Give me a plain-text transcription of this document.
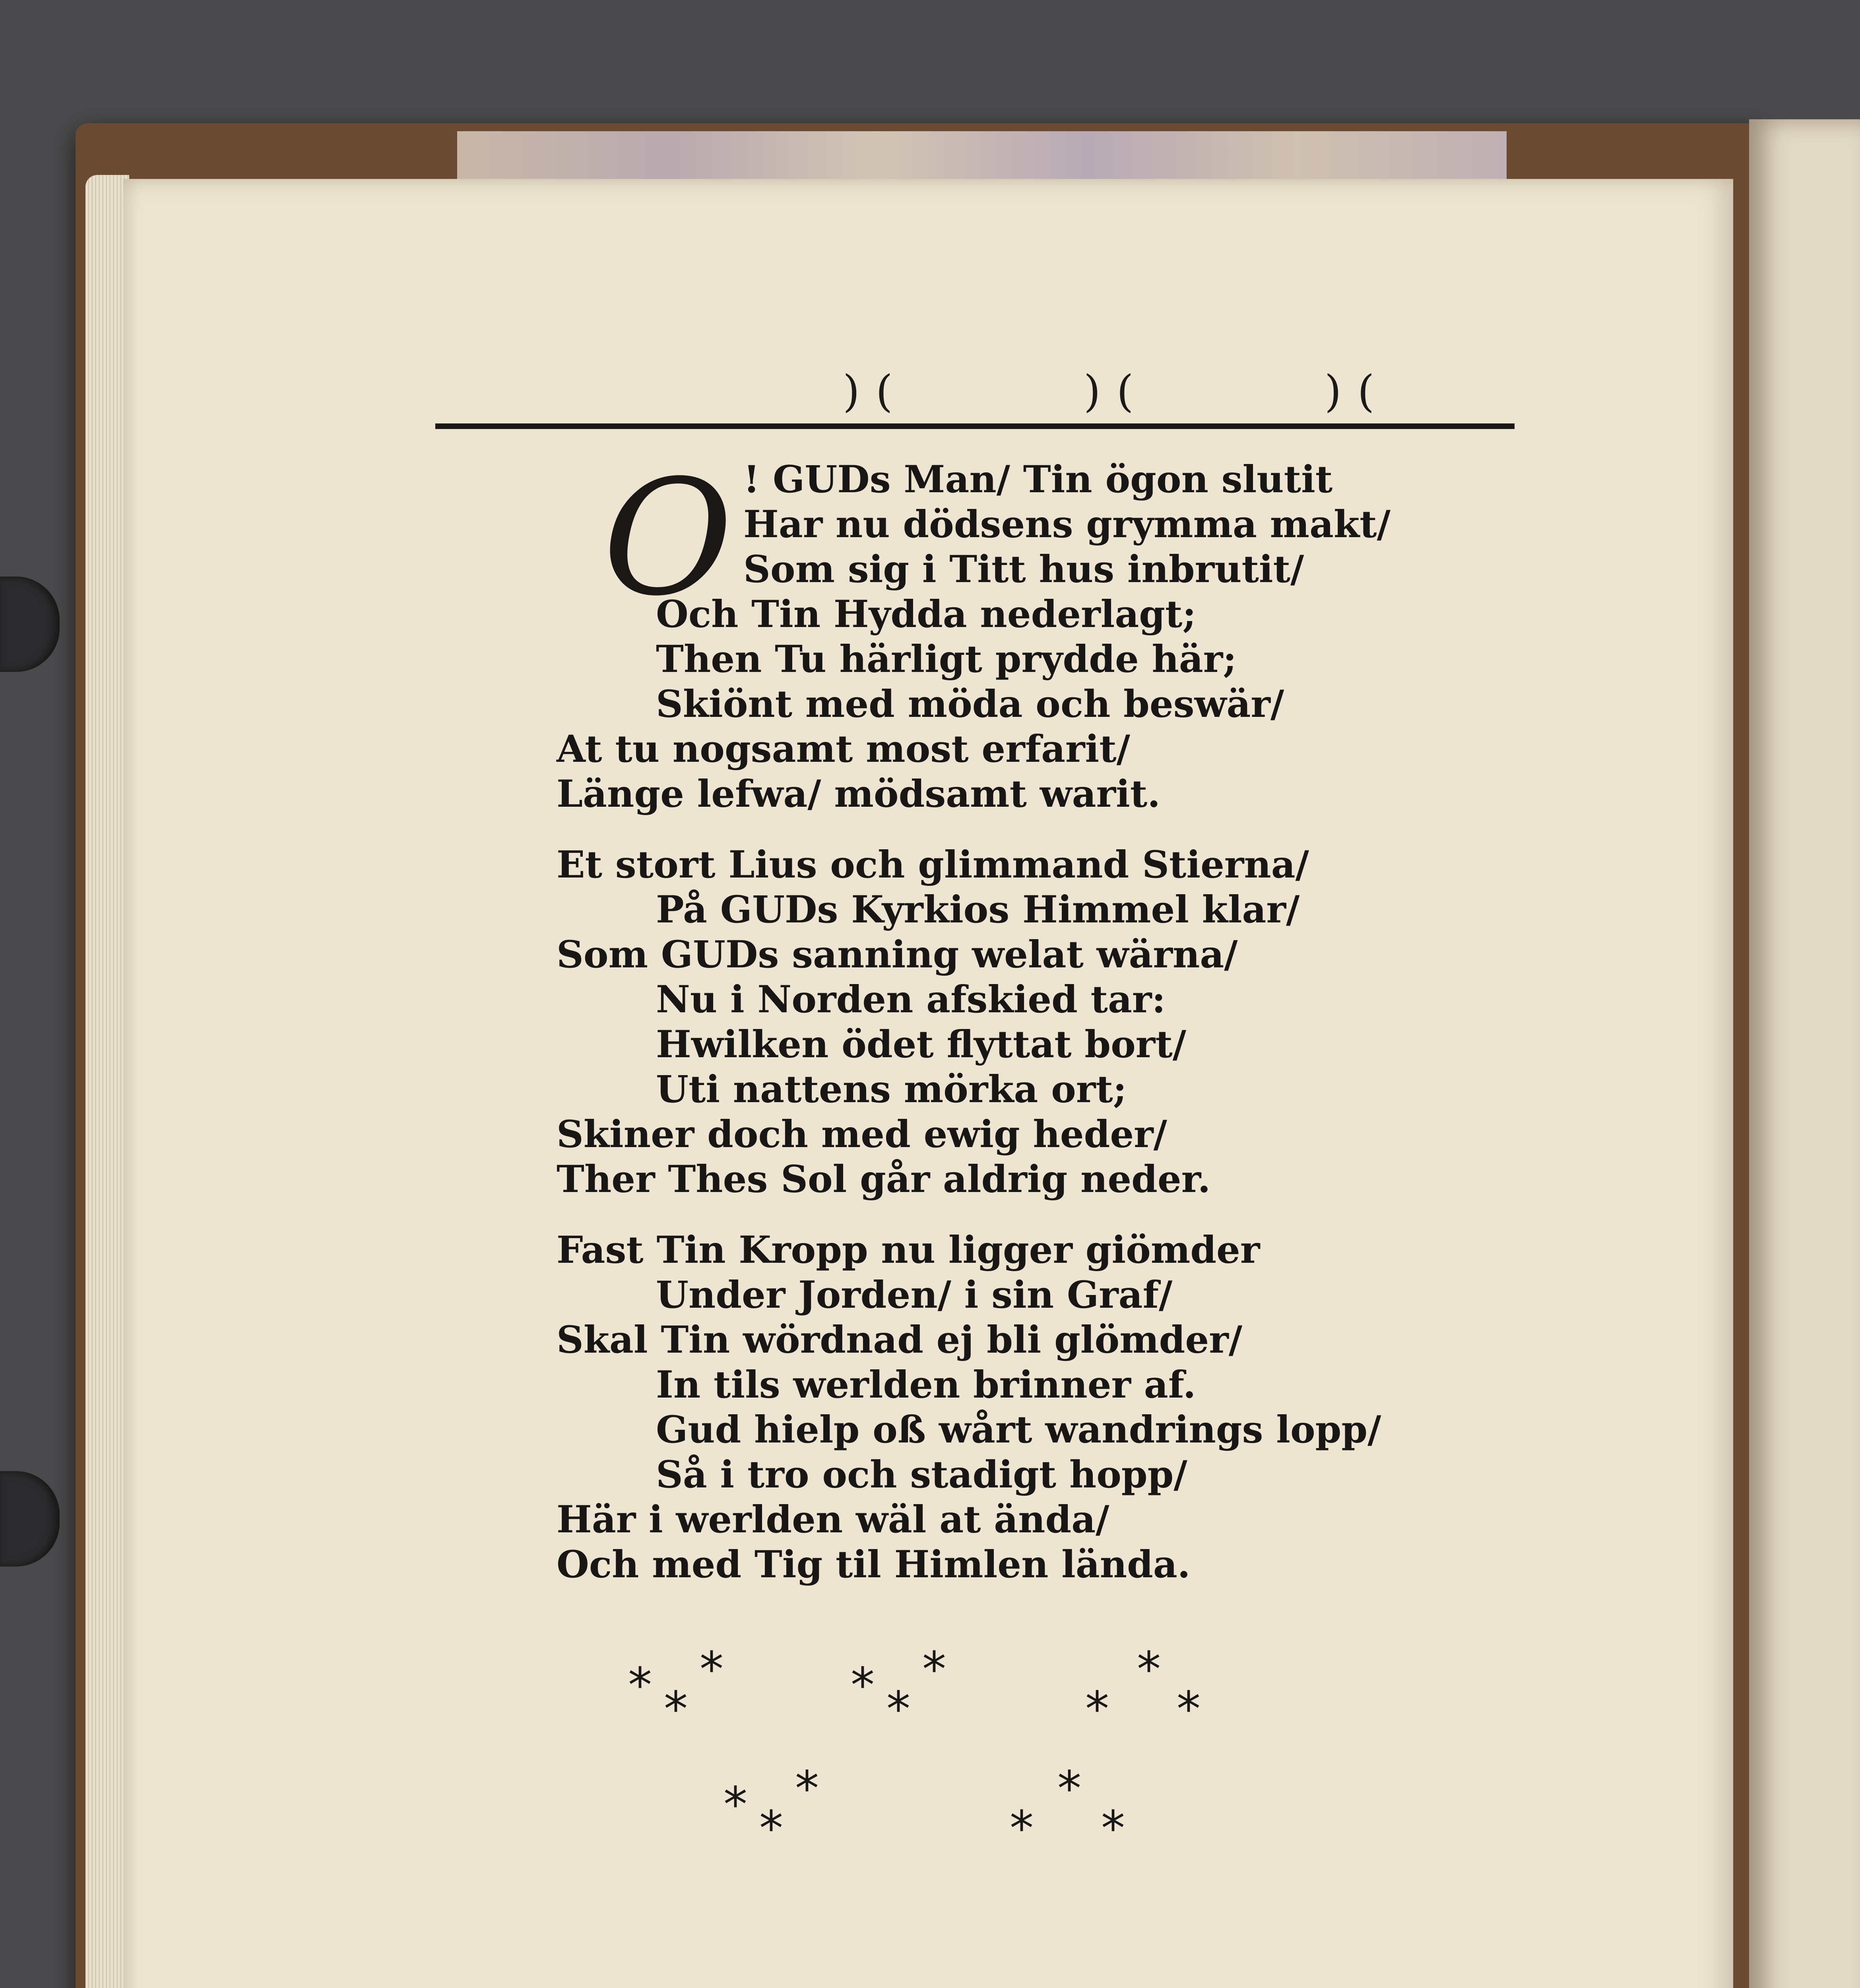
)(	)(	)(
O ! GUDs Man/ Tin ögon slutit
Har nu dödsens grymma makt/
Som sig i Titt hus inbrutit/
Och Tin Hydda nederlagt;
Then Tu härligt prydde här;
Skiönt med möda och beswär/
At tu nogsamt most erfarit/
Länge lefwa/ mödsamt warit.
Et stort Lius och glimmand Stierna/
På GUDs Kyrkios Himmel klar/
Som GUDs sanning welat wärna/
Nu i Norden afskied tar:
Hwilken ödet flyttat bort/
Uti nattens mörka ort;
Skiner doch med ewig heder/
Ther Thes Sol går aldrig neder.
Fast Tin Kropp nu ligger giömder
Under Jorden/ i sin Graf/
Skal Tin wördnad ej bli glömder/
In tils werlden brinner af.
Gud hielp oß wårt wandrings lopp/
Så i tro och stadigt hopp/
Här i werlden wäl at ända/
Och med Tig til Himlen lända.
* *
*	* *
*	*
*
*
* *
*	*
*
*
